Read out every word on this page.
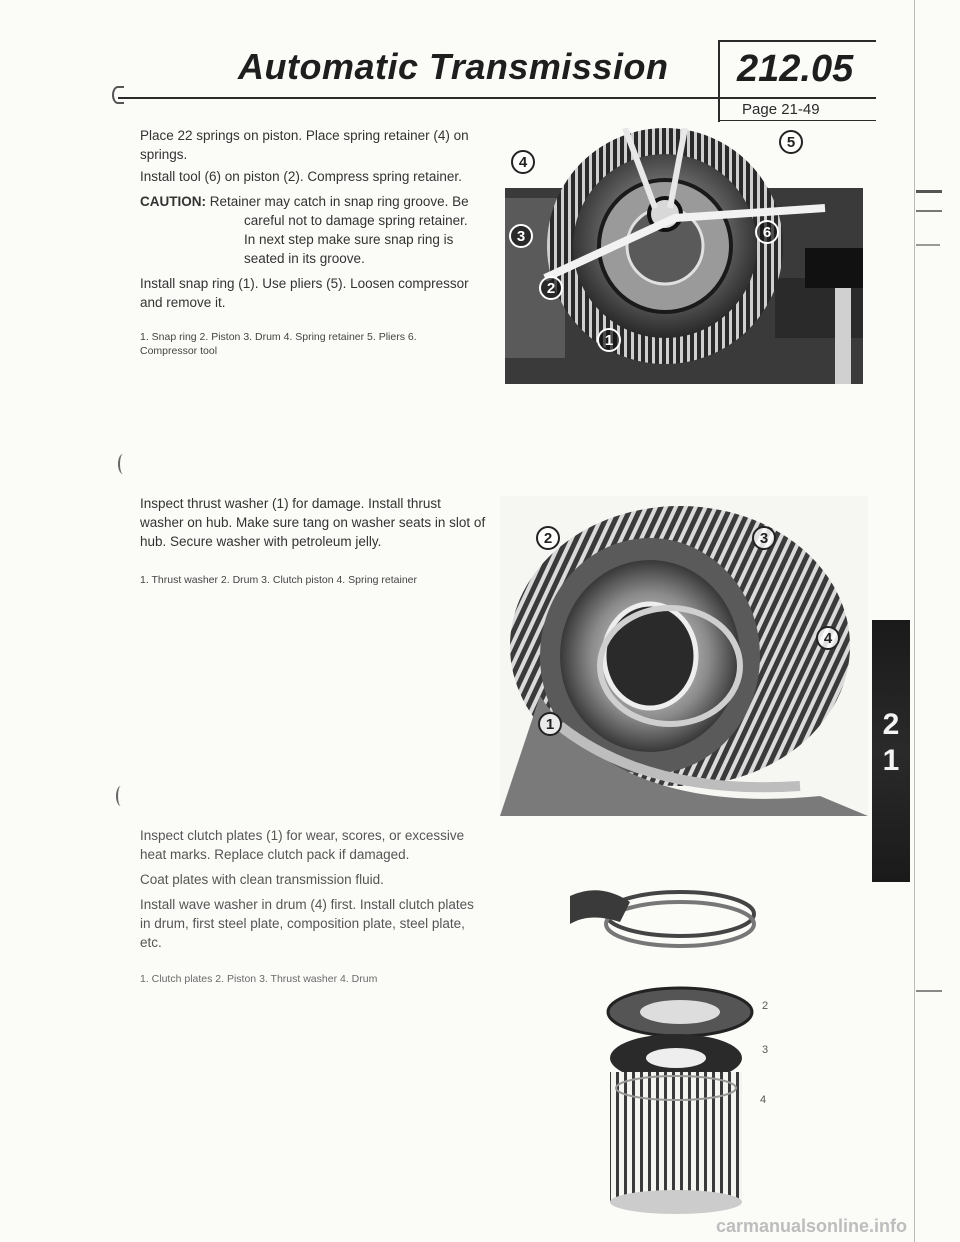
Automatic Transmission 212.05
Page 21-49

Place 22 springs on piston. Place spring retainer (4) on springs.

Install tool (6) on piston (2). Compress spring retainer.

CAUTION: Retainer may catch in snap ring groove. Be careful not to damage spring retainer. In next step make sure snap ring is seated in its groove.

Install snap ring (1). Use pliers (5). Loosen compressor and remove it.

1. Snap ring 2. Piston 3. Drum 4. Spring retainer 5. Pliers 6. Compressor tool
4
5
3	6
2
1

Inspect thrust washer (1) for damage. Install thrust washer on hub. Make sure tang on washer seats in slot of hub. Secure washer with petroleum jelly.

1. Thrust washer 2. Drum 3. Clutch piston 4. Spring retainer
2	3
4
1

Inspect clutch plates (1) for wear, scores, or excessive heat marks. Replace clutch pack if damaged.

Coat plates with clean transmission fluid.

Install wave washer in drum (4) first. Install clutch plates in drum, first steel plate, composition plate, steel plate, etc.

1. Clutch plates 2. Piston 3. Thrust washer 4. Drum
2
3
4
2
1
carmanualsonline.info
